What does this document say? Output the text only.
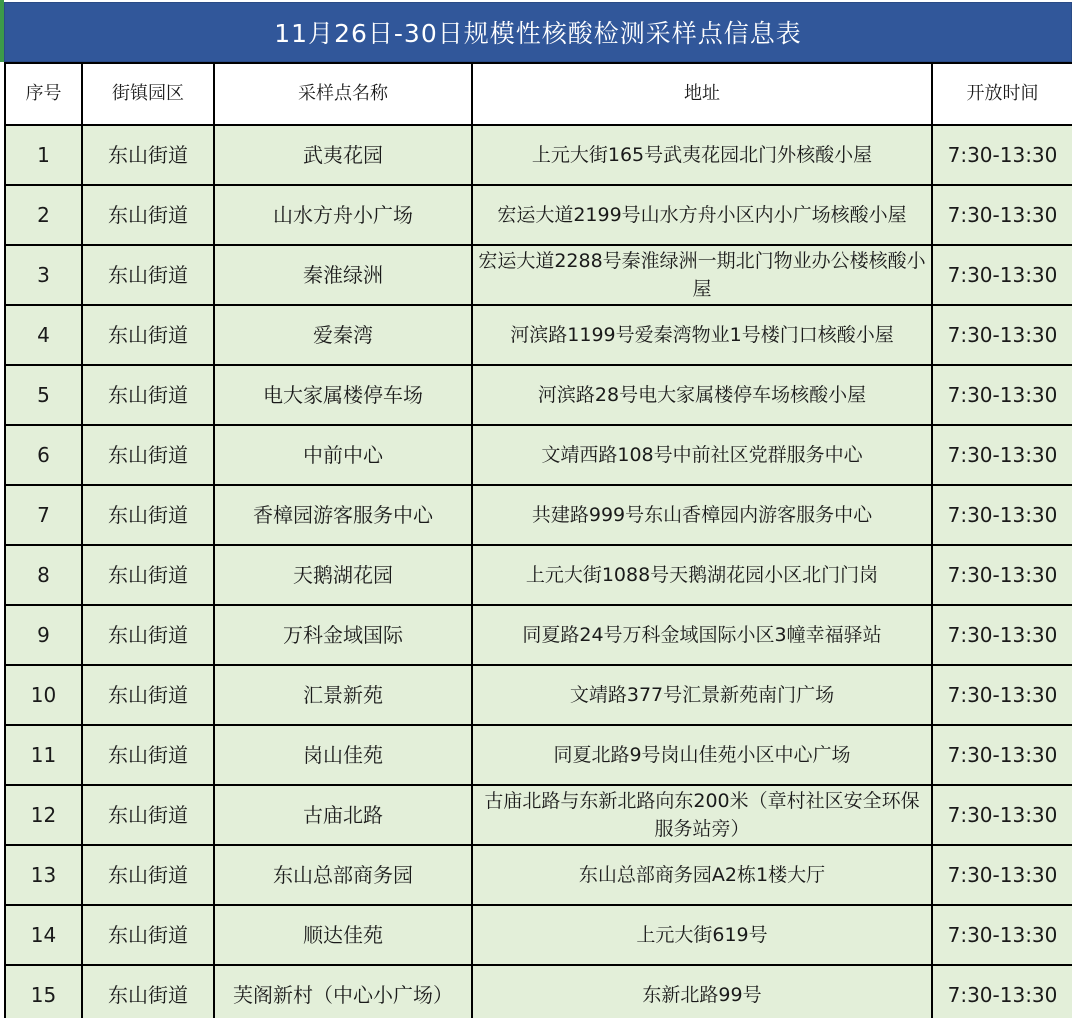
11月26日-30日规模性核酸检测采样点信息表
序号	街镇园区	采样点名称	地址	开放时间
1	东山街道	武夷花园	上元大街165号武夷花园北门外核酸小屋	7:30-13:30
2	东山街道	山水方舟小广场	宏运大道2199号山水方舟小区内小广场核酸小屋	7:30-13:30
3	东山街道	秦淮绿洲	宏运大道2288号秦淮绿洲一期北门物业办公楼核酸小屋	7:30-13:30
4	东山街道	爱秦湾	河滨路1199号爱秦湾物业1号楼门口核酸小屋	7:30-13:30
5	东山街道	电大家属楼停车场	河滨路28号电大家属楼停车场核酸小屋	7:30-13:30
6	东山街道	中前中心	文靖西路108号中前社区党群服务中心	7:30-13:30
7	东山街道	香樟园游客服务中心	共建路999号东山香樟园内游客服务中心	7:30-13:30
8	东山街道	天鹅湖花园	上元大街1088号天鹅湖花园小区北门门岗	7:30-13:30
9	东山街道	万科金域国际	同夏路24号万科金域国际小区3幢幸福驿站	7:30-13:30
10	东山街道	汇景新苑	文靖路377号汇景新苑南门广场	7:30-13:30
11	东山街道	岗山佳苑	同夏北路9号岗山佳苑小区中心广场	7:30-13:30
12	东山街道	古庙北路	古庙北路与东新北路向东200米（章村社区安全环保服务站旁）	7:30-13:30
13	东山街道	东山总部商务园	东山总部商务园A2栋1楼大厅	7:30-13:30
14	东山街道	顺达佳苑	上元大街619号	7:30-13:30
15	东山街道	芙阁新村（中心小广场）	东新北路99号	7:30-13:30
